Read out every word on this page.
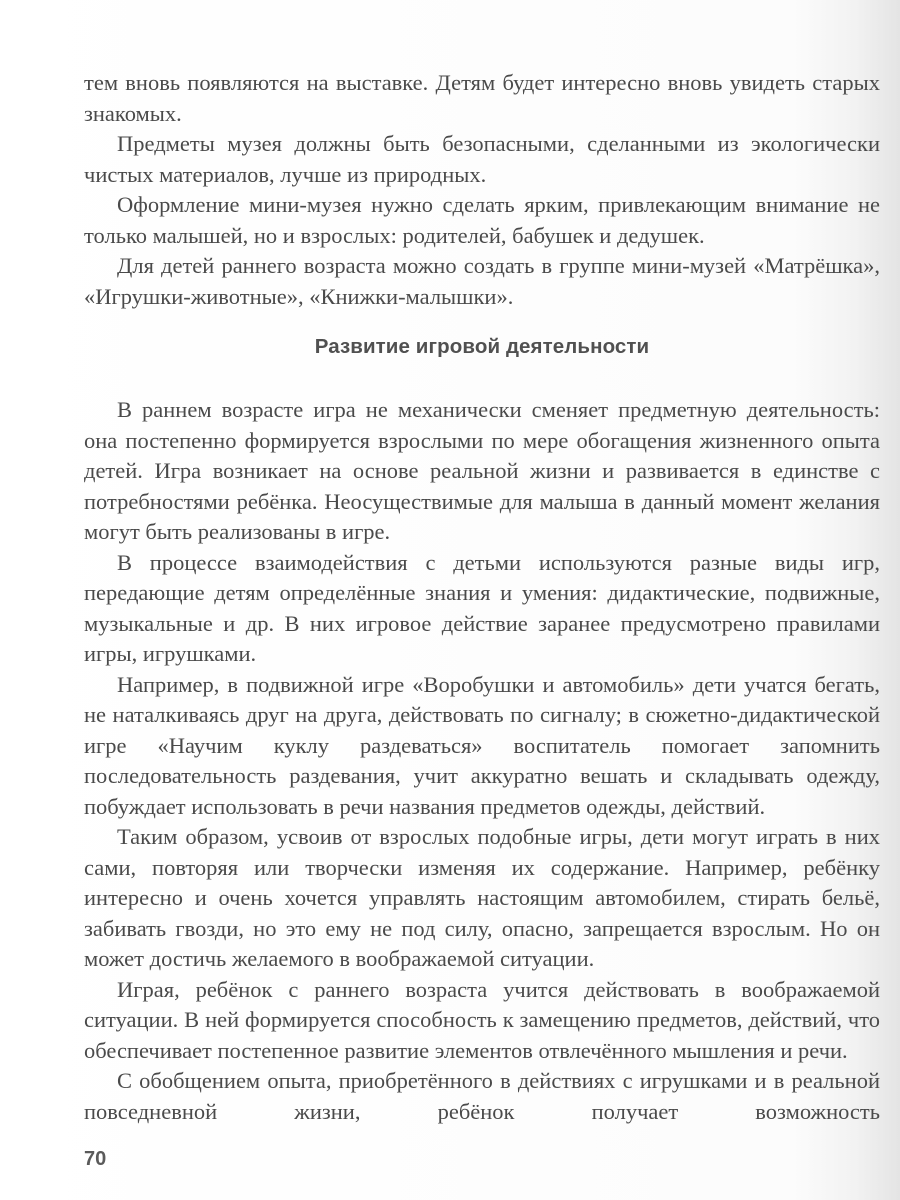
тем вновь появляются на выставке. Детям будет интересно вновь увидеть старых знакомых.

Предметы музея должны быть безопасными, сделанными из экологически чистых материалов, лучше из природных.

Оформление мини-музея нужно сделать ярким, привлекающим внимание не только малышей, но и взрослых: родителей, бабушек и дедушек.

Для детей раннего возраста можно создать в группе мини-музей «Матрёшка», «Игрушки-животные», «Книжки-малышки».

Развитие игровой деятельности

В раннем возрасте игра не механически сменяет предметную деятельность: она постепенно формируется взрослыми по мере обогащения жизненного опыта детей. Игра возникает на основе реальной жизни и развивается в единстве с потребностями ребёнка. Неосуществимые для малыша в данный момент желания могут быть реализованы в игре.

В процессе взаимодействия с детьми используются разные виды игр, передающие детям определённые знания и умения: дидактические, подвижные, музыкальные и др. В них игровое действие заранее предусмотрено правилами игры, игрушками.

Например, в подвижной игре «Воробушки и автомобиль» дети учатся бегать, не наталкиваясь друг на друга, действовать по сигналу; в сюжетно-дидактической игре «Научим куклу раздеваться» воспитатель помогает запомнить последовательность раздевания, учит аккуратно вешать и складывать одежду, побуждает использовать в речи названия предметов одежды, действий.

Таким образом, усвоив от взрослых подобные игры, дети могут играть в них сами, повторяя или творчески изменяя их содержание. Например, ребёнку интересно и очень хочется управлять настоящим автомобилем, стирать бельё, забивать гвозди, но это ему не под силу, опасно, запрещается взрослым. Но он может достичь желаемого в воображаемой ситуации.

Играя, ребёнок с раннего возраста учится действовать в воображаемой ситуации. В ней формируется способность к замещению предметов, действий, что обеспечивает постепенное развитие элементов отвлечённого мышления и речи.

С обобщением опыта, приобретённого в действиях с игрушками и в реальной повседневной жизни, ребёнок получает возможность

70
